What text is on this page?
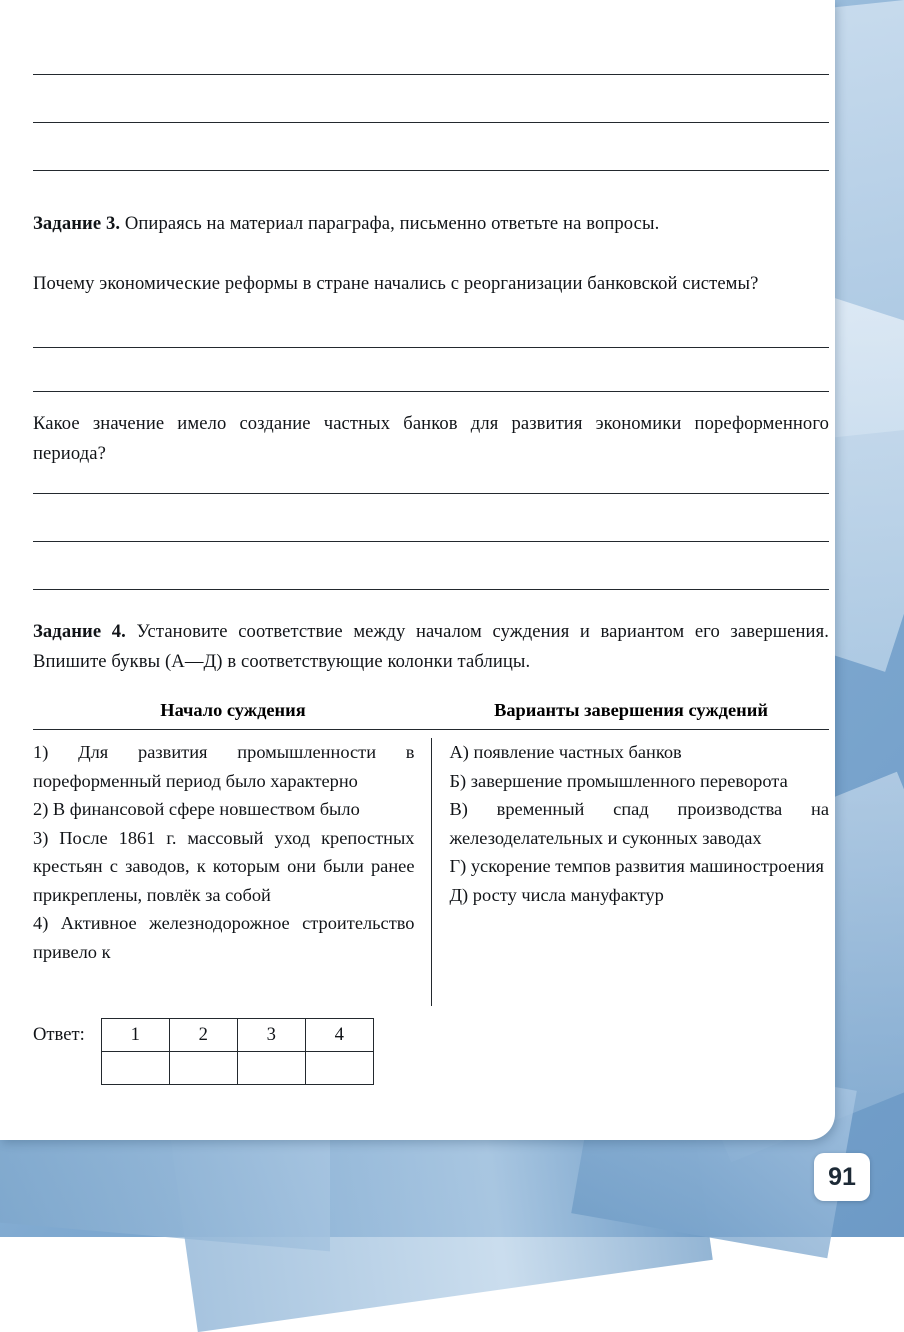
Задание 3. Опираясь на материал параграфа, письменно ответьте на вопросы.
Почему экономические реформы в стране начались с реорганизации банковской системы?
Какое значение имело создание частных банков для развития экономики пореформенного периода?
Задание 4. Установите соответствие между началом суждения и вариантом его завершения. Впишите буквы (А—Д) в соответствующие колонки таблицы.
Начало суждения	Варианты завершения суждений
1) Для развития промышленности в пореформенный период было характерно
2) В финансовой сфере новшеством было
3) После 1861 г. массовый уход крепостных крестьян с заводов, к которым они были ранее прикреплены, повлёк за собой
4) Активное железнодорожное строительство привело к
А) появление частных банков
Б) завершение промышленного переворота
В) временный спад производства на железоделательных и суконных заводах
Г) ускорение темпов развития машиностроения
Д) росту числа мануфактур
Ответ:	1	2	3	4

91
